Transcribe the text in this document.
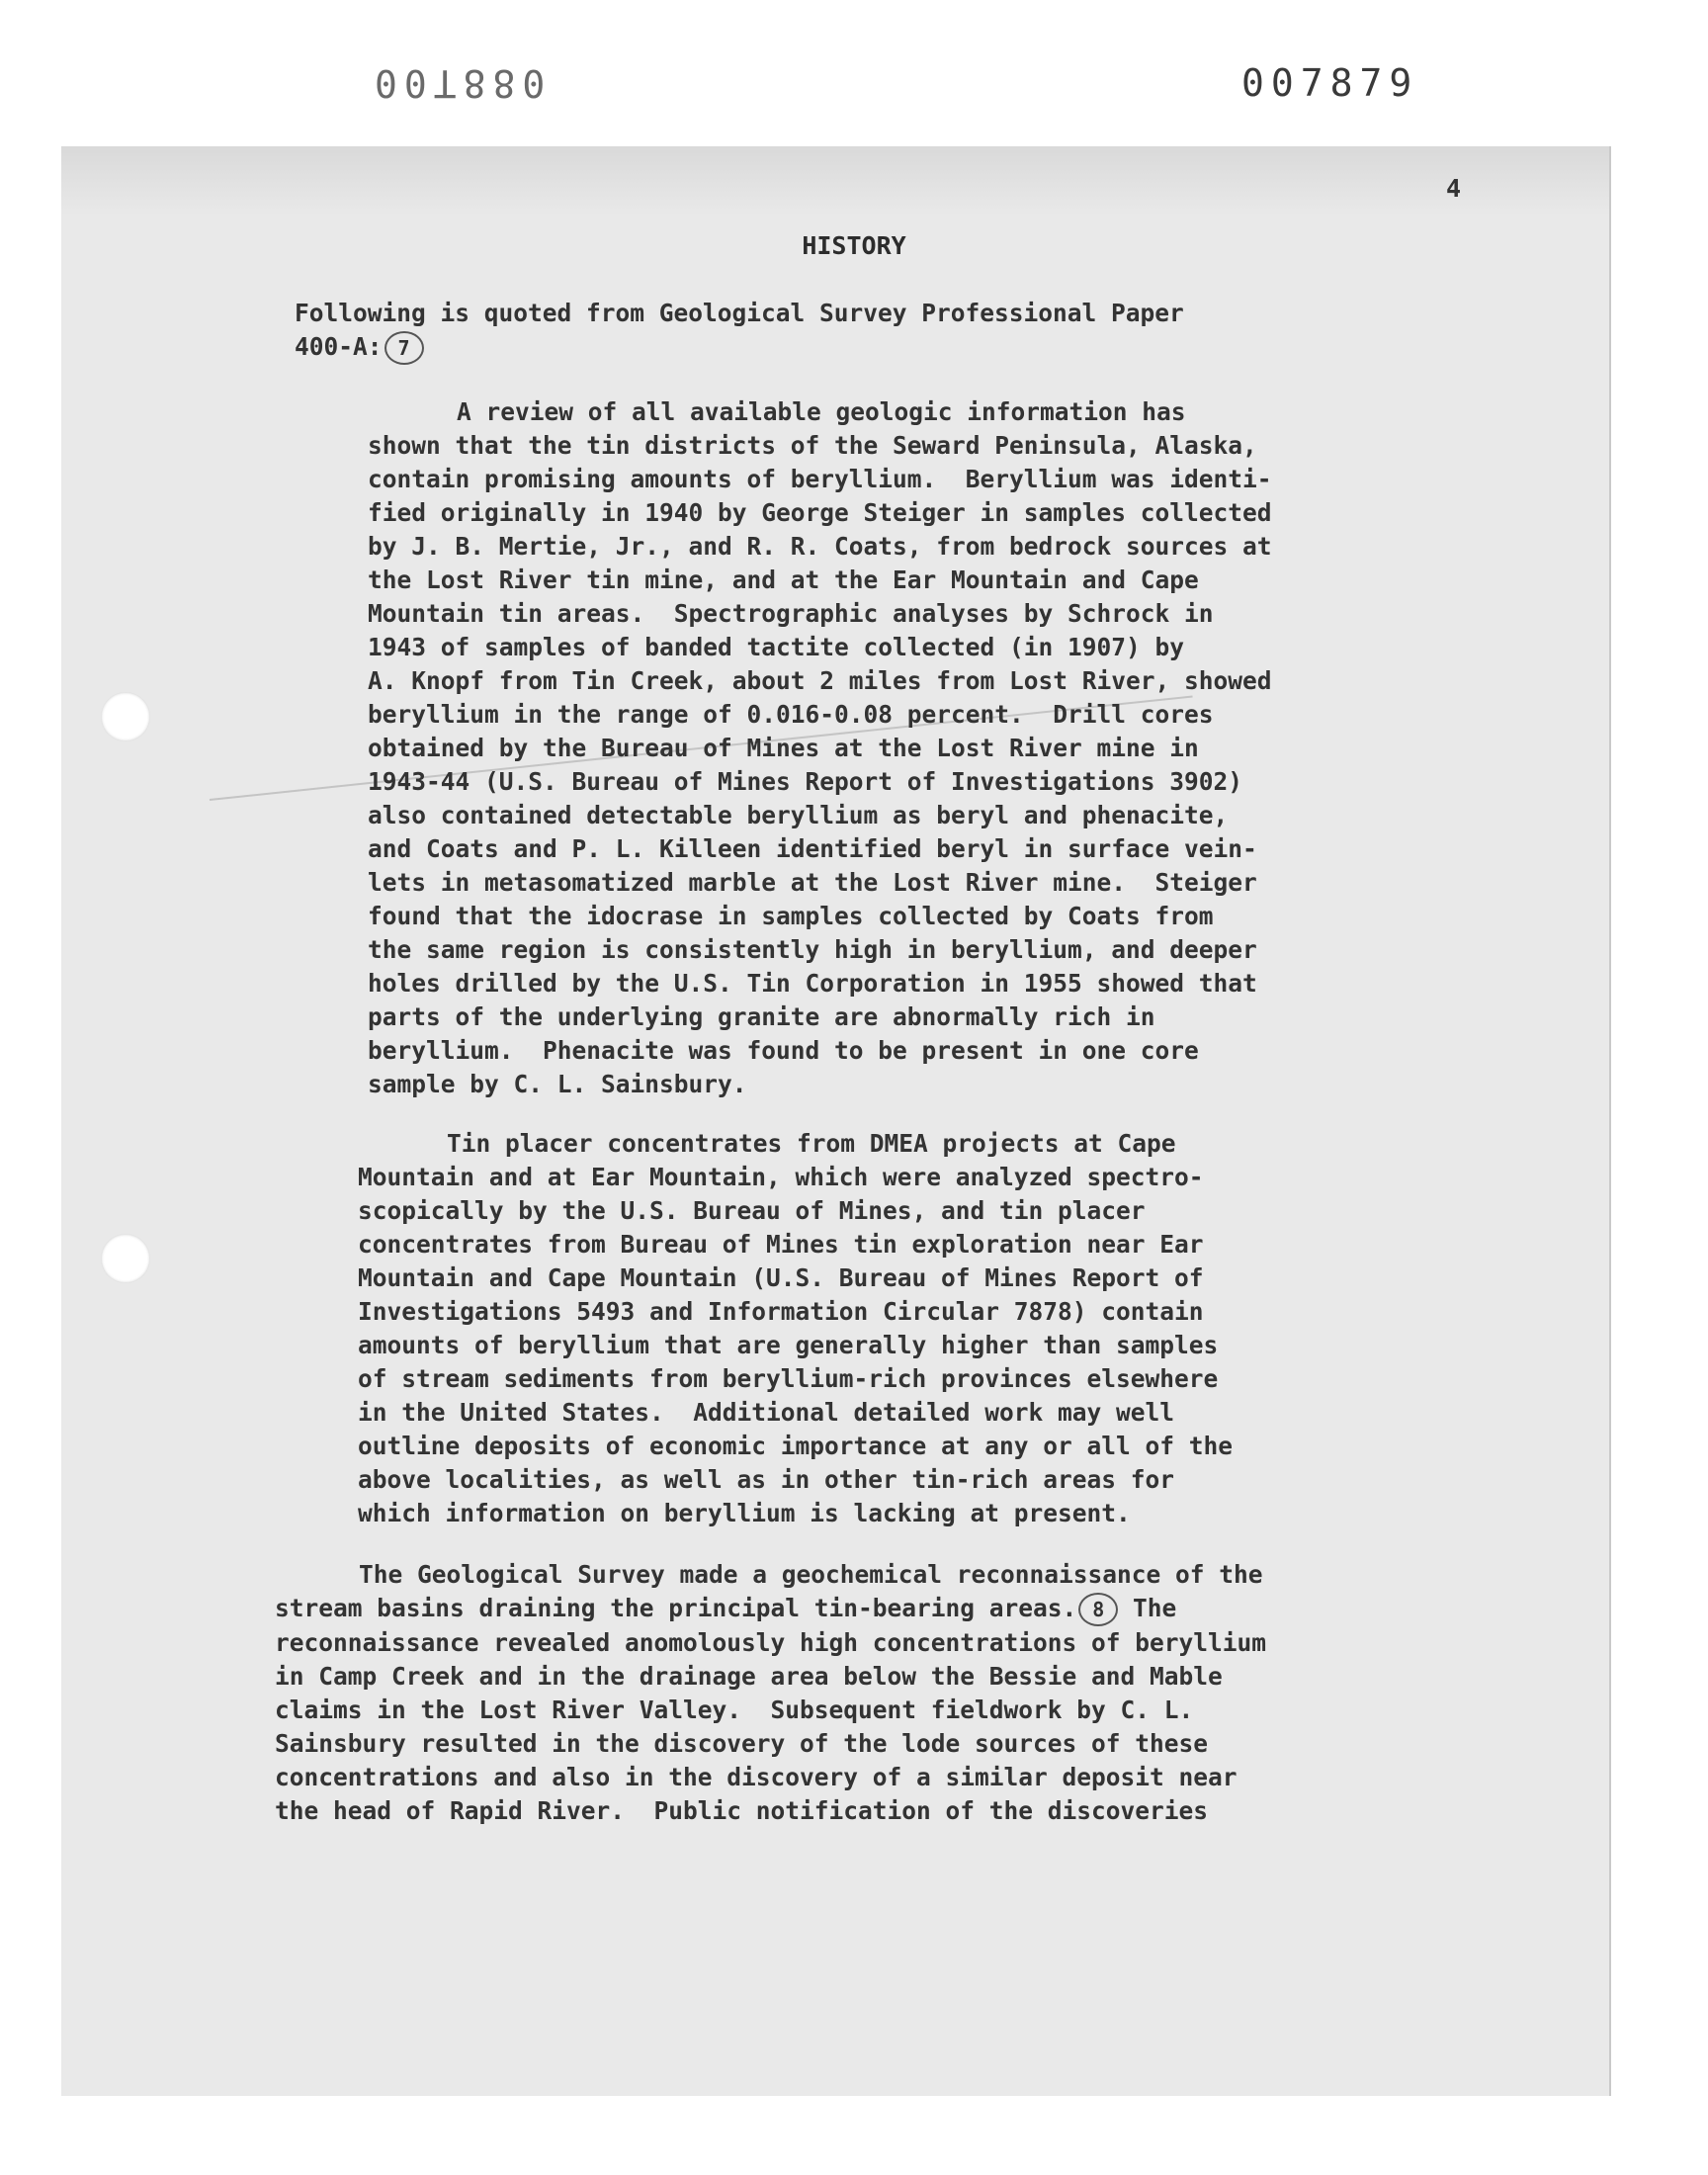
088T00	007879
4
HISTORY
Following is quoted from Geological Survey Professional Paper
400-A: 7
A review of all available geologic information has
shown that the tin districts of the Seward Peninsula, Alaska,
contain promising amounts of beryllium.  Beryllium was identi-
fied originally in 1940 by George Steiger in samples collected
by J. B. Mertie, Jr., and R. R. Coats, from bedrock sources at
the Lost River tin mine, and at the Ear Mountain and Cape
Mountain tin areas.  Spectrographic analyses by Schrock in
1943 of samples of banded tactite collected (in 1907) by
A. Knopf from Tin Creek, about 2 miles from Lost River, showed
beryllium in the range of 0.016-0.08 percent.  Drill cores
obtained by the Bureau of Mines at the Lost River mine in
1943-44 (U.S. Bureau of Mines Report of Investigations 3902)
also contained detectable beryllium as beryl and phenacite,
and Coats and P. L. Killeen identified beryl in surface vein-
lets in metasomatized marble at the Lost River mine.  Steiger
found that the idocrase in samples collected by Coats from
the same region is consistently high in beryllium, and deeper
holes drilled by the U.S. Tin Corporation in 1955 showed that
parts of the underlying granite are abnormally rich in
beryllium.  Phenacite was found to be present in one core
sample by C. L. Sainsbury.
Tin placer concentrates from DMEA projects at Cape
Mountain and at Ear Mountain, which were analyzed spectro-
scopically by the U.S. Bureau of Mines, and tin placer
concentrates from Bureau of Mines tin exploration near Ear
Mountain and Cape Mountain (U.S. Bureau of Mines Report of
Investigations 5493 and Information Circular 7878) contain
amounts of beryllium that are generally higher than samples
of stream sediments from beryllium-rich provinces elsewhere
in the United States.  Additional detailed work may well
outline deposits of economic importance at any or all of the
above localities, as well as in other tin-rich areas for
which information on beryllium is lacking at present.
The Geological Survey made a geochemical reconnaissance of the
stream basins draining the principal tin-bearing areas. 8 The
reconnaissance revealed anomolously high concentrations of beryllium
in Camp Creek and in the drainage area below the Bessie and Mable
claims in the Lost River Valley.  Subsequent fieldwork by C. L.
Sainsbury resulted in the discovery of the lode sources of these
concentrations and also in the discovery of a similar deposit near
the head of Rapid River.  Public notification of the discoveries
